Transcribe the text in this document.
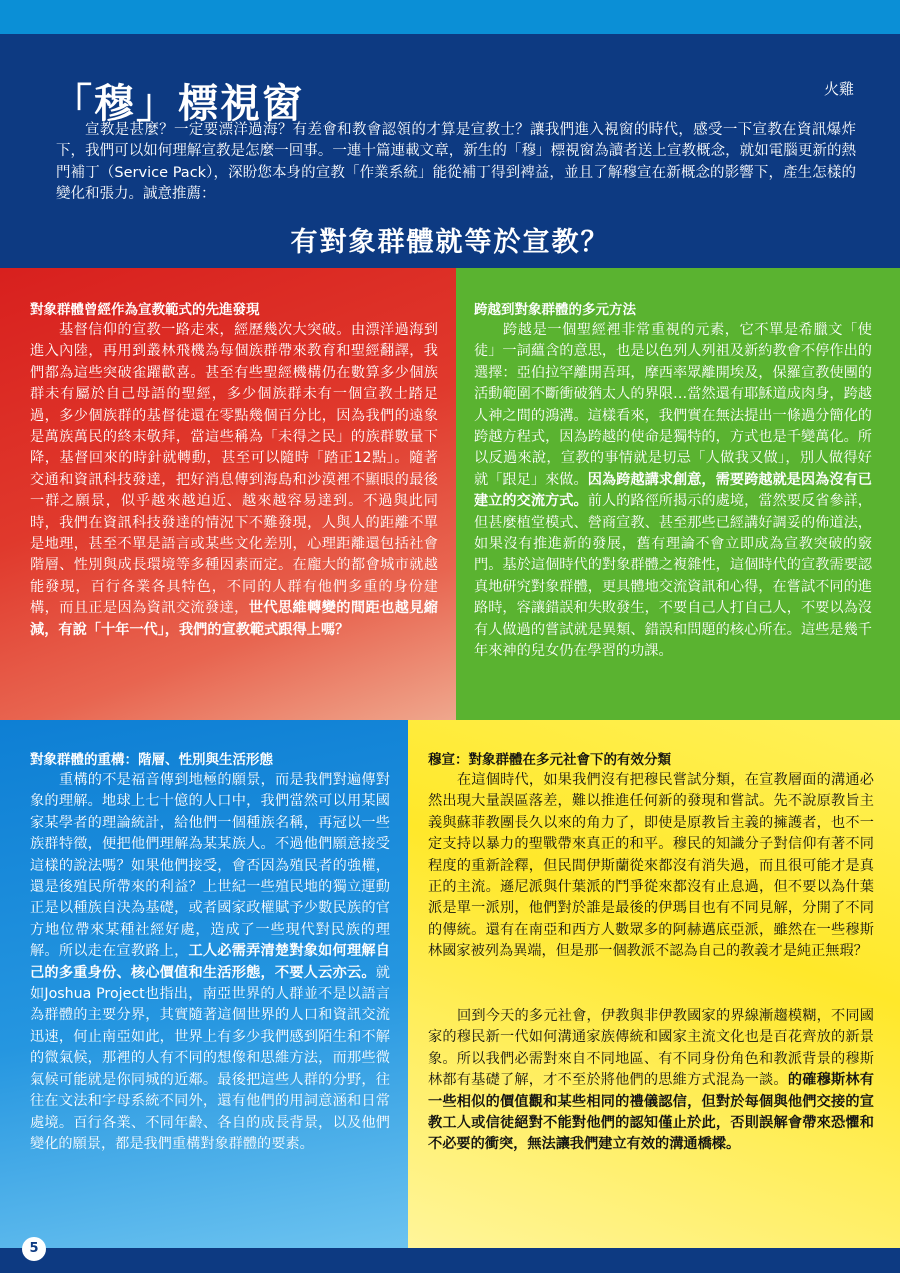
「穆」標視窗	火雞

宣教是甚麼？一定要漂洋過海？有差會和教會認領的才算是宣教士？讓我們進入視窗的時代，感受一下宣教在資訊爆炸下，我們可以如何理解宣教是怎麼一回事。一連十篇連載文章，新生的「穆」標視窗為讀者送上宣教概念，就如電腦更新的熱門補丁（Service Pack），深盼您本身的宣教「作業系統」能從補丁得到裨益，並且了解穆宣在新概念的影響下，產生怎樣的變化和張力。誠意推薦：

有對象群體就等於宣教？
對象群體曾經作為宣教範式的先進發現

基督信仰的宣教一路走來，經歷幾次大突破。由漂洋過海到進入內陸，再用到叢林飛機為每個族群帶來教育和聖經翻譯，我們都為這些突破雀躍歡喜。甚至有些聖經機構仍在數算多少個族群未有屬於自己母語的聖經，多少個族群未有一個宣教士踏足過，多少個族群的基督徒還在零點幾個百分比，因為我們的遠象是萬族萬民的終末敬拜，當這些稱為「未得之民」的族群數量下降，基督回來的時針就轉動，甚至可以隨時「踏正12點」。隨著交通和資訊科技發達，把好消息傳到海島和沙漠裡不顯眼的最後一群之願景，似乎越來越迫近、越來越容易達到。不過與此同時，我們在資訊科技發達的情況下不難發現，人與人的距離不單是地理，甚至不單是語言或某些文化差別，心理距離還包括社會階層、性別與成長環境等多種因素而定。在龐大的都會城市就越能發現，百行各業各具特色，不同的人群有他們多重的身份建構，而且正是因為資訊交流發達，世代思維轉變的間距也越見縮減，有說「十年一代」，我們的宣教範式跟得上嗎？

跨越到對象群體的多元方法

跨越是一個聖經裡非常重視的元素，它不單是希臘文「使徒」一詞蘊含的意思，也是以色列人列祖及新約教會不停作出的選擇：亞伯拉罕離開吾珥，摩西率眾離開埃及，保羅宣教使團的活動範圍不斷衝破猶太人的界限…當然還有耶穌道成肉身，跨越人神之間的鴻溝。這樣看來，我們實在無法提出一條過分簡化的跨越方程式，因為跨越的使命是獨特的，方式也是千變萬化。所以反過來說，宣教的事情就是切忌「人做我又做」，別人做得好就「跟足」來做。因為跨越講求創意，需要跨越就是因為沒有已建立的交流方式。前人的路徑所揭示的處境，當然要反省參詳，但甚麼植堂模式、營商宣教、甚至那些已經講好調妥的佈道法，如果沒有推進新的發展，舊有理論不會立即成為宣教突破的竅門。基於這個時代的對象群體之複雜性，這個時代的宣教需要認真地研究對象群體，更具體地交流資訊和心得，在嘗試不同的進路時，容讓錯誤和失敗發生，不要自己人打自己人，不要以為沒有人做過的嘗試就是異類、錯誤和問題的核心所在。這些是幾千年來神的兒女仍在學習的功課。

對象群體的重構：階層、性別與生活形態

重構的不是福音傳到地極的願景，而是我們對遍傳對象的理解。地球上七十億的人口中，我們當然可以用某國家某學者的理論統計，給他們一個種族名稱，再冠以一些族群特徵，便把他們理解為某某族人。不過他們願意接受這樣的說法嗎？如果他們接受，會否因為殖民者的強權，還是後殖民所帶來的利益？上世紀一些殖民地的獨立運動正是以種族自決為基礎，或者國家政權賦予少數民族的官方地位帶來某種社經好處，造成了一些現代對民族的理解。所以走在宣教路上，工人必需弄清楚對象如何理解自己的多重身份、核心價值和生活形態，不要人云亦云。就如Joshua Project也指出，南亞世界的人群並不是以語言為群體的主要分界，其實隨著這個世界的人口和資訊交流迅速，何止南亞如此，世界上有多少我們感到陌生和不解的微氣候，那裡的人有不同的想像和思維方法，而那些微氣候可能就是你同城的近鄰。最後把這些人群的分野，往往在文法和字母系統不同外，還有他們的用詞意涵和日常處境。百行各業、不同年齡、各自的成長背景，以及他們變化的願景，都是我們重構對象群體的要素。

穆宣：對象群體在多元社會下的有效分類

在這個時代，如果我們沒有把穆民嘗試分類，在宣教層面的溝通必然出現大量誤區落差，難以推進任何新的發現和嘗試。先不說原教旨主義與蘇菲教團長久以來的角力了，即使是原教旨主義的擁護者，也不一定支持以暴力的聖戰帶來真正的和平。穆民的知識分子對信仰有著不同程度的重新詮釋，但民間伊斯蘭從來都沒有消失過，而且很可能才是真正的主流。遜尼派與什葉派的鬥爭從來都沒有止息過，但不要以為什葉派是單一派別，他們對於誰是最後的伊瑪目也有不同見解，分開了不同的傳統。還有在南亞和西方人數眾多的阿赫邁底亞派，雖然在一些穆斯林國家被列為異端，但是那一個教派不認為自己的教義才是純正無瑕？

回到今天的多元社會，伊教與非伊教國家的界線漸趨模糊，不同國家的穆民新一代如何溝通家族傳統和國家主流文化也是百花齊放的新景象。所以我們必需對來自不同地區、有不同身份角色和教派背景的穆斯林都有基礎了解，才不至於將他們的思維方式混為一談。的確穆斯林有一些相似的價值觀和某些相同的禮儀認信，但對於每個與他們交接的宣教工人或信徒絕對不能對他們的認知僅止於此，否則誤解會帶來恐懼和不必要的衝突，無法讓我們建立有效的溝通橋樑。

5
